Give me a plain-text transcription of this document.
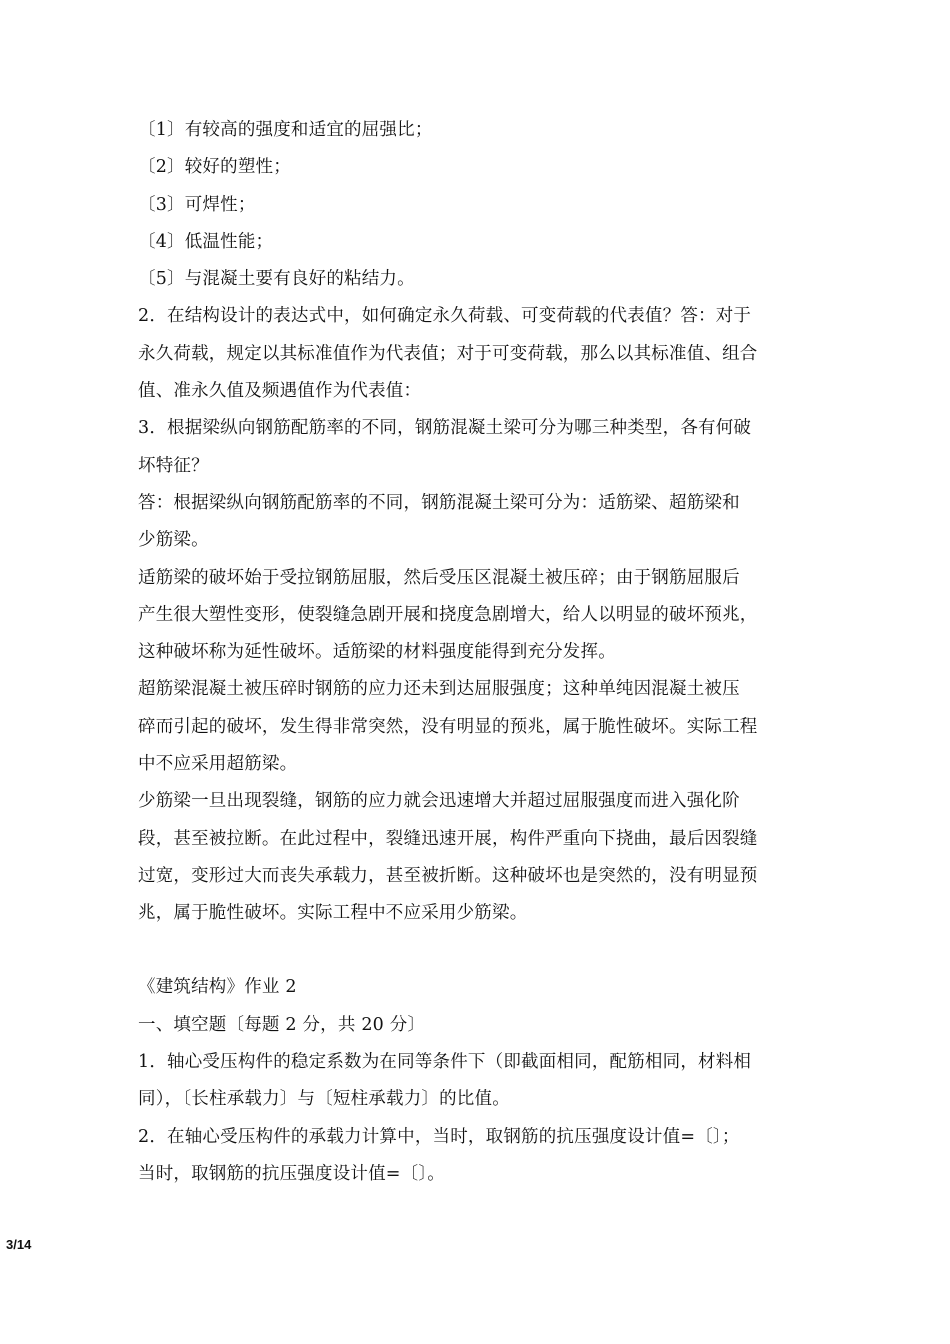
〔1〕有较高的强度和适宜的屈强比；
〔2〕较好的塑性；
〔3〕可焊性；
〔4〕低温性能；
〔5〕与混凝土要有良好的粘结力。
2．在结构设计的表达式中，如何确定永久荷载、可变荷载的代表值？答：对于
永久荷载，规定以其标准值作为代表值；对于可变荷载，那么以其标准值、组合
值、准永久值及频遇值作为代表值：
3．根据梁纵向钢筋配筋率的不同，钢筋混凝土梁可分为哪三种类型，各有何破
坏特征？
答：根据梁纵向钢筋配筋率的不同，钢筋混凝土梁可分为：适筋梁、超筋梁和
少筋梁。
适筋梁的破坏始于受拉钢筋屈服，然后受压区混凝土被压碎；由于钢筋屈服后
产生很大塑性变形，使裂缝急剧开展和挠度急剧增大，给人以明显的破坏预兆，
这种破坏称为延性破坏。适筋梁的材料强度能得到充分发挥。
超筋梁混凝土被压碎时钢筋的应力还未到达屈服强度；这种单纯因混凝土被压
碎而引起的破坏，发生得非常突然，没有明显的预兆，属于脆性破坏。实际工程
中不应采用超筋梁。
少筋梁一旦出现裂缝，钢筋的应力就会迅速增大并超过屈服强度而进入强化阶
段，甚至被拉断。在此过程中，裂缝迅速开展，构件严重向下挠曲，最后因裂缝
过宽，变形过大而丧失承载力，甚至被折断。这种破坏也是突然的，没有明显预
兆，属于脆性破坏。实际工程中不应采用少筋梁。
《建筑结构》作业 2
一、填空题〔每题 2 分，共 20 分〕
1．轴心受压构件的稳定系数为在同等条件下（即截面相同，配筋相同，材料相
同），〔长柱承载力〕与〔短柱承载力〕的比值。
2．在轴心受压构件的承载力计算中，当时，取钢筋的抗压强度设计值=〔〕；
当时，取钢筋的抗压强度设计值=〔〕。
3/14
